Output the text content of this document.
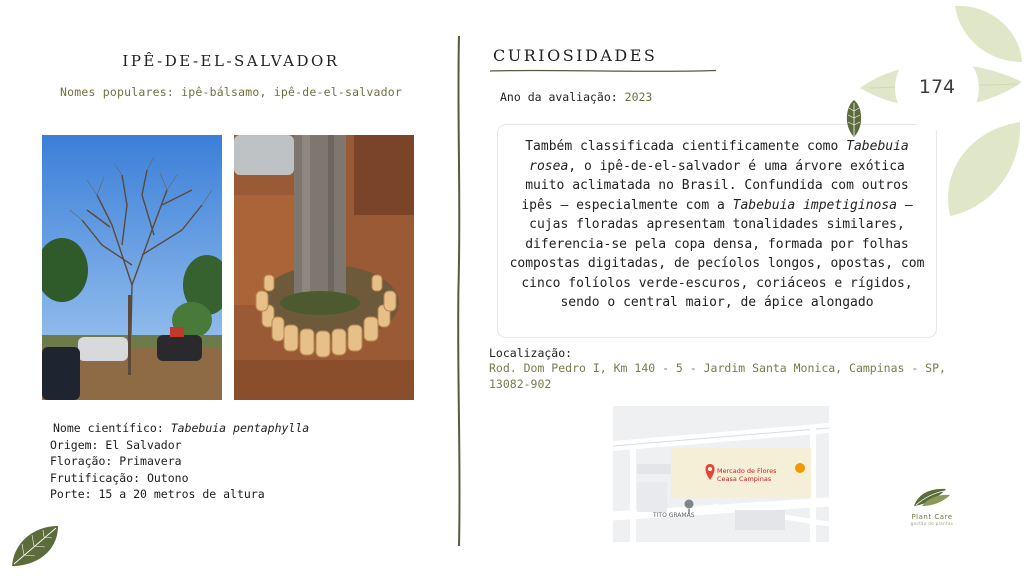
IPÊ-DE-EL-SALVADOR
Nomes populares: ipê-bálsamo, ipê-de-el-salvador
Nome científico: Tabebuia pentaphylla
Origem: El Salvador
Floração: Primavera
Frutificação: Outono
Porte: 15 a 20 metros de altura
CURIOSIDADES
Ano da avaliação: 2023
Também classificada cientificamente como Tabebuia rosea, o ipê-de-el-salvador é uma árvore exótica muito aclimatada no Brasil. Confundida com outros ipês – especialmente com a Tabebuia impetiginosa – cujas floradas apresentam tonalidades similares, diferencia-se pela copa densa, formada por folhas compostas digitadas, de pecíolos longos, opostas, com cinco folíolos verde-escuros, coriáceos e rígidos, sendo o central maior, de ápice alongado
Localização:
Rod. Dom Pedro I, Km 140 - 5 - Jardim Santa Monica, Campinas - SP, 13082-902
Mercado de Flores
Ceasa Campinas
TITO GRAMAS
174
Plant Care
gestão de plantas
